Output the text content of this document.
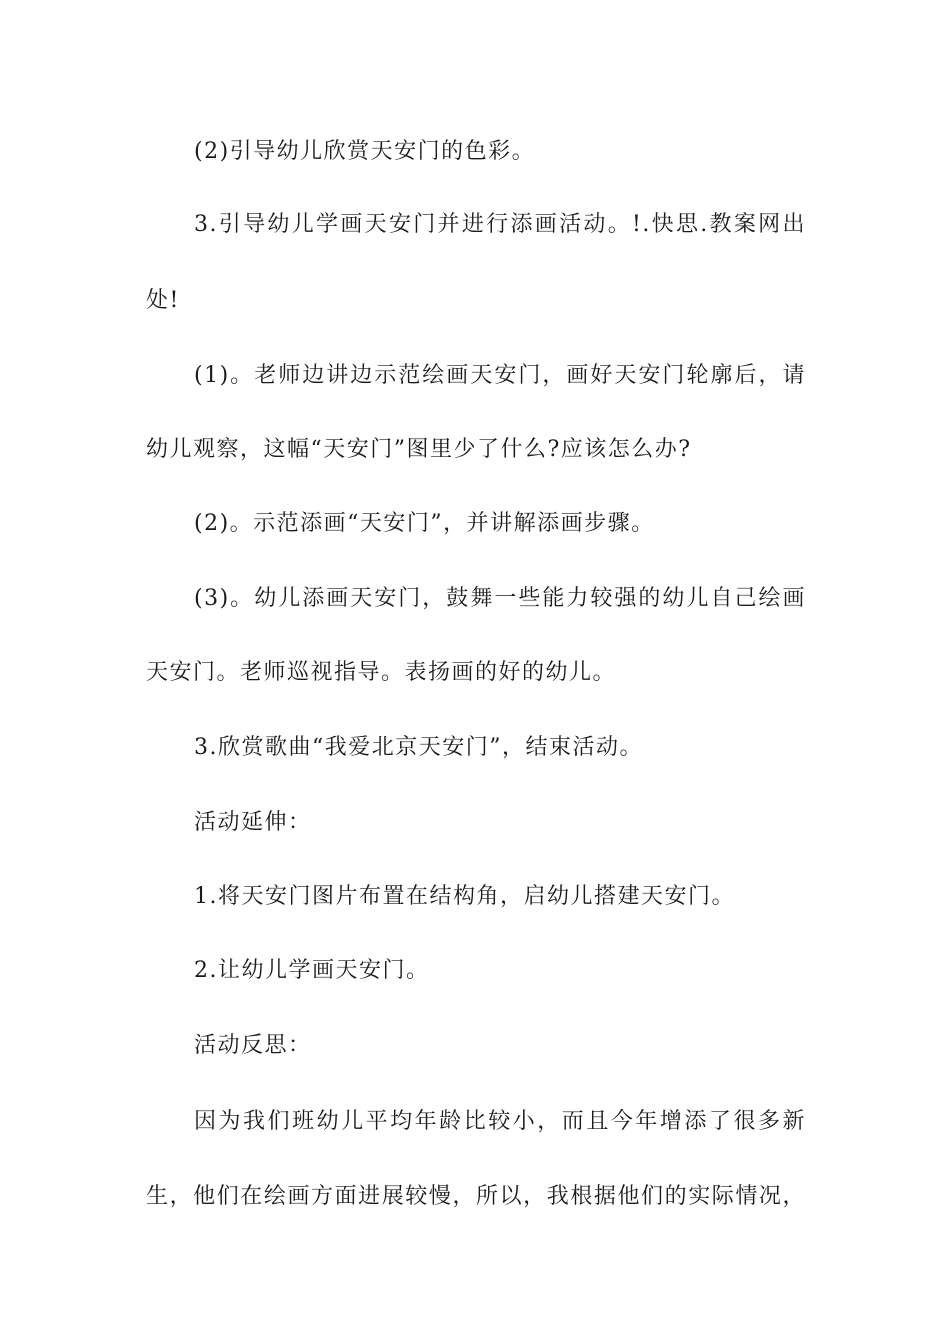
(2)引导幼儿欣赏天安门的色彩。
3.引导幼儿学画天安门并进行添画活动。!.快思.教案网出
处!
(1)。老师边讲边示范绘画天安门，画好天安门轮廓后，请
幼儿观察，这幅“天安门”图里少了什么?应该怎么办?
(2)。示范添画“天安门”，并讲解添画步骤。
(3)。幼儿添画天安门，鼓舞一些能力较强的幼儿自己绘画
天安门。老师巡视指导。表扬画的好的幼儿。
3.欣赏歌曲“我爱北京天安门”，结束活动。
活动延伸：
1.将天安门图片布置在结构角，启幼儿搭建天安门。
2.让幼儿学画天安门。
活动反思：
因为我们班幼儿平均年龄比较小，而且今年增添了很多新
生，他们在绘画方面进展较慢，所以，我根据他们的实际情况，
